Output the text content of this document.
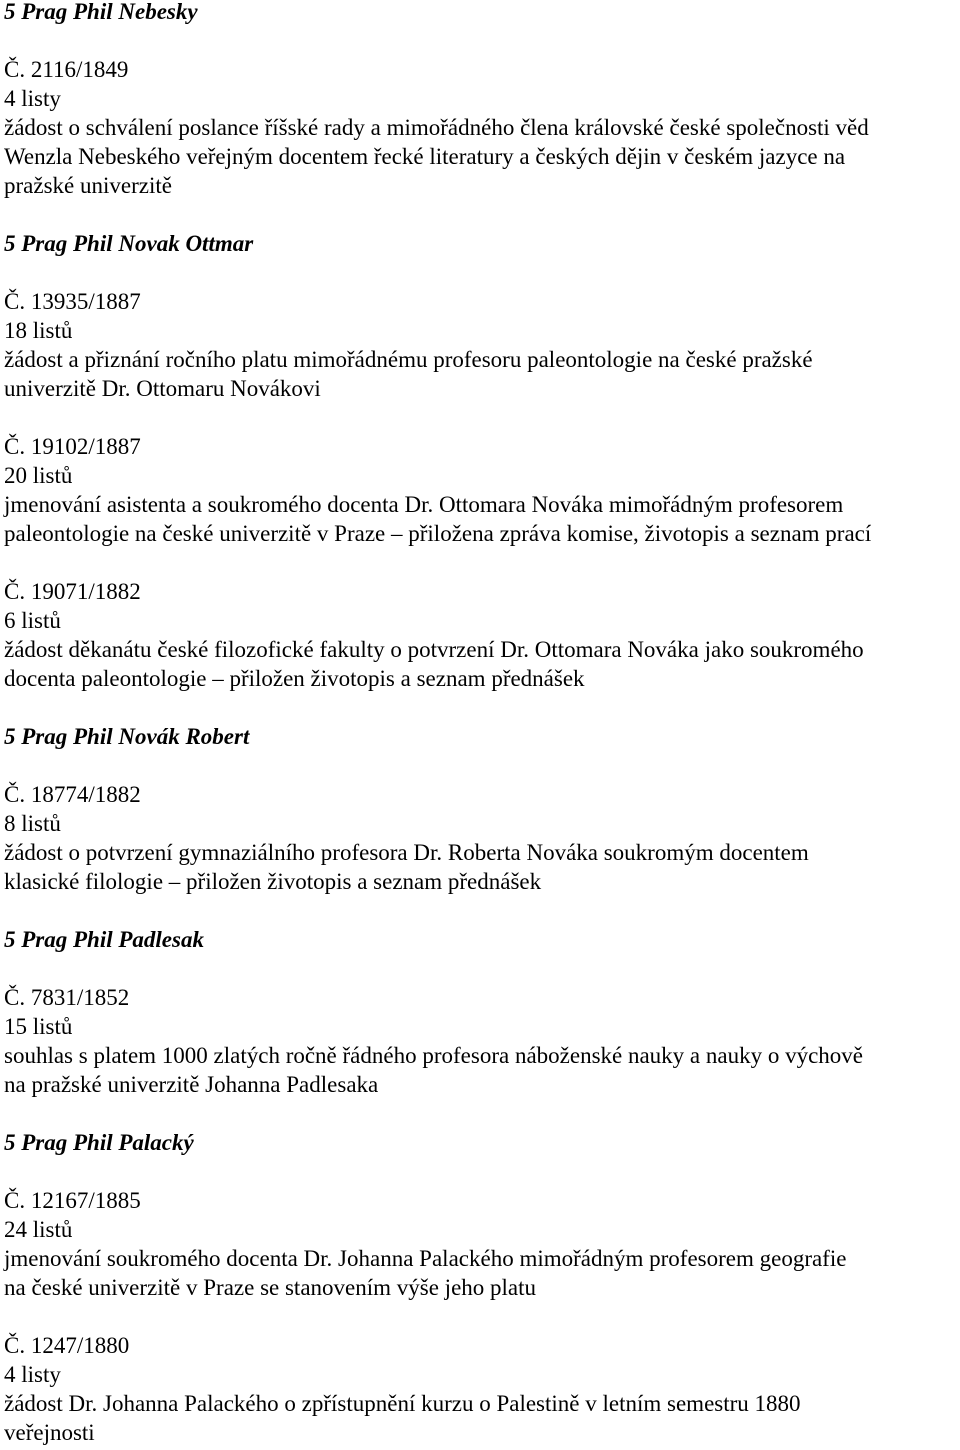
5 Prag Phil Nebesky
Č. 2116/1849
4 listy
žádost o schválení poslance říšské rady a mimořádného člena královské české společnosti věd
Wenzla Nebeského veřejným docentem řecké literatury a českých dějin v českém jazyce na
pražské univerzitě
5 Prag Phil Novak Ottmar
Č. 13935/1887
18 listů
žádost a přiznání ročního platu mimořádnému profesoru paleontologie na české pražské
univerzitě Dr. Ottomaru Novákovi
Č. 19102/1887
20 listů
jmenování asistenta a soukromého docenta Dr. Ottomara Nováka mimořádným profesorem
paleontologie na české univerzitě v Praze – přiložena zpráva komise, životopis a seznam prací
Č. 19071/1882
6 listů
žádost děkanátu české filozofické fakulty o potvrzení Dr. Ottomara Nováka jako soukromého
docenta paleontologie – přiložen životopis a seznam přednášek
5 Prag Phil Novák Robert
Č. 18774/1882
8 listů
žádost o potvrzení gymnaziálního profesora Dr. Roberta Nováka soukromým docentem
klasické filologie – přiložen životopis a seznam přednášek
5 Prag Phil Padlesak
Č. 7831/1852
15 listů
souhlas s platem 1000 zlatých ročně řádného profesora náboženské nauky a nauky o výchově
na pražské univerzitě Johanna Padlesaka
5 Prag Phil Palacký
Č. 12167/1885
24 listů
jmenování soukromého docenta Dr. Johanna Palackého mimořádným profesorem geografie
na české univerzitě v Praze se stanovením výše jeho platu
Č. 1247/1880
4 listy
žádost Dr. Johanna Palackého o zpřístupnění kurzu o Palestině v letním semestru 1880
veřejnosti
